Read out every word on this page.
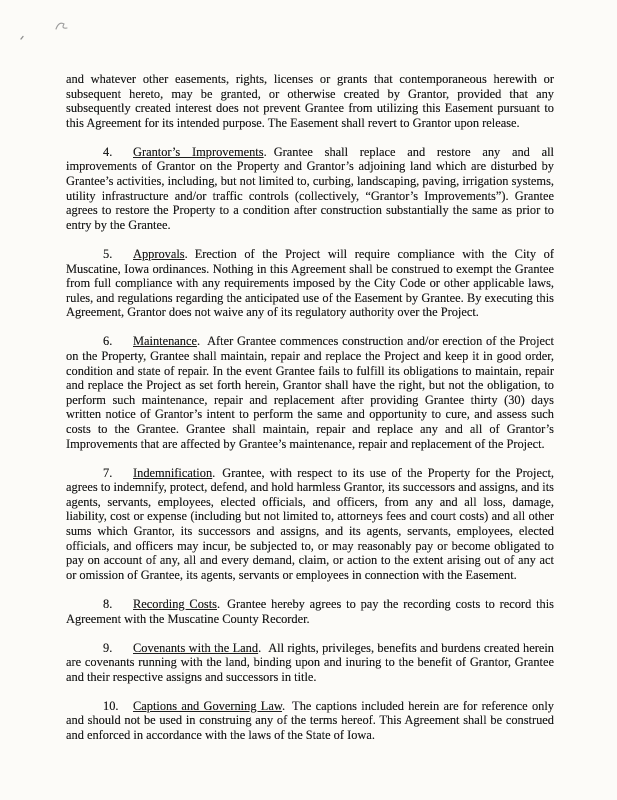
and whatever other easements, rights, licenses or grants that contemporaneous herewith or subsequent hereto, may be granted, or otherwise created by Grantor, provided that any subsequently created interest does not prevent Grantee from utilizing this Easement pursuant to this Agreement for its intended purpose. The Easement shall revert to Grantor upon release.

4. Grantor’s Improvements. Grantee shall replace and restore any and all improvements of Grantor on the Property and Grantor’s adjoining land which are disturbed by Grantee’s activities, including, but not limited to, curbing, landscaping, paving, irrigation systems, utility infrastructure and/or traffic controls (collectively, “Grantor’s Improvements”). Grantee agrees to restore the Property to a condition after construction substantially the same as prior to entry by the Grantee.

5. Approvals. Erection of the Project will require compliance with the City of Muscatine, Iowa ordinances. Nothing in this Agreement shall be construed to exempt the Grantee from full compliance with any requirements imposed by the City Code or other applicable laws, rules, and regulations regarding the anticipated use of the Easement by Grantee. By executing this Agreement, Grantor does not waive any of its regulatory authority over the Project.

6. Maintenance. After Grantee commences construction and/or erection of the Project on the Property, Grantee shall maintain, repair and replace the Project and keep it in good order, condition and state of repair. In the event Grantee fails to fulfill its obligations to maintain, repair and replace the Project as set forth herein, Grantor shall have the right, but not the obligation, to perform such maintenance, repair and replacement after providing Grantee thirty (30) days written notice of Grantor’s intent to perform the same and opportunity to cure, and assess such costs to the Grantee. Grantee shall maintain, repair and replace any and all of Grantor’s Improvements that are affected by Grantee’s maintenance, repair and replacement of the Project.

7. Indemnification. Grantee, with respect to its use of the Property for the Project, agrees to indemnify, protect, defend, and hold harmless Grantor, its successors and assigns, and its agents, servants, employees, elected officials, and officers, from any and all loss, damage, liability, cost or expense (including but not limited to, attorneys fees and court costs) and all other sums which Grantor, its successors and assigns, and its agents, servants, employees, elected officials, and officers may incur, be subjected to, or may reasonably pay or become obligated to pay on account of any, all and every demand, claim, or action to the extent arising out of any act or omission of Grantee, its agents, servants or employees in connection with the Easement.

8. Recording Costs. Grantee hereby agrees to pay the recording costs to record this Agreement with the Muscatine County Recorder.

9. Covenants with the Land. All rights, privileges, benefits and burdens created herein are covenants running with the land, binding upon and inuring to the benefit of Grantor, Grantee and their respective assigns and successors in title.

10. Captions and Governing Law. The captions included herein are for reference only and should not be used in construing any of the terms hereof. This Agreement shall be construed and enforced in accordance with the laws of the State of Iowa.
